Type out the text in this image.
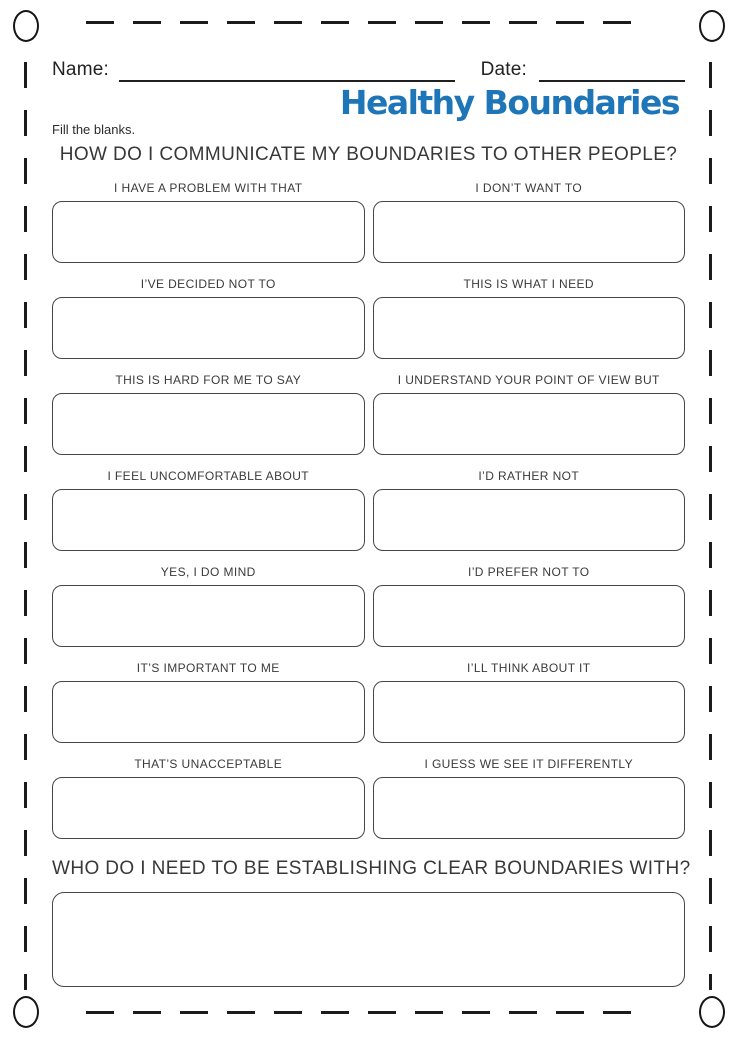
Name:	Date:
Healthy Boundaries
Fill the blanks.
HOW DO I COMMUNICATE MY BOUNDARIES TO OTHER PEOPLE?
I HAVE A PROBLEM WITH THAT	I DON’T WANT TO
I’VE DECIDED NOT TO	THIS IS WHAT I NEED
THIS IS HARD FOR ME TO SAY	I UNDERSTAND YOUR POINT OF VIEW BUT
I FEEL UNCOMFORTABLE ABOUT	I’D RATHER NOT
YES, I DO MIND	I’D PREFER NOT TO
IT’S IMPORTANT TO ME	I’LL THINK ABOUT IT
THAT’S UNACCEPTABLE	I GUESS WE SEE IT DIFFERENTLY
WHO DO I NEED TO BE ESTABLISHING CLEAR BOUNDARIES WITH?
